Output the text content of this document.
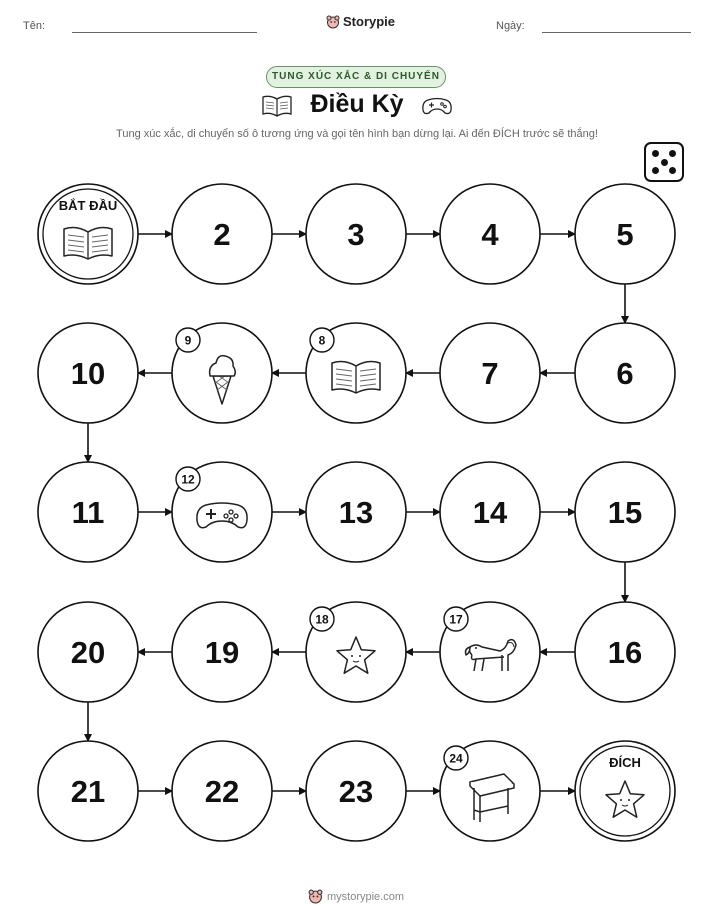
Tên:	Storypie	Ngày:
TUNG XÚC XẮC & DI CHUYỂN
Điều Kỳ
Tung xúc xắc, di chuyển số ô tương ứng và gọi tên hình bạn dừng lại. Ai đến ĐÍCH trước sẽ thắng!
BẮT ĐẦU
2	3	4	5
10
9	8
7	6
11
12
13	14	15
20	19
18	17
16
21	22	23
24	ĐÍCH
mystorypie.com
